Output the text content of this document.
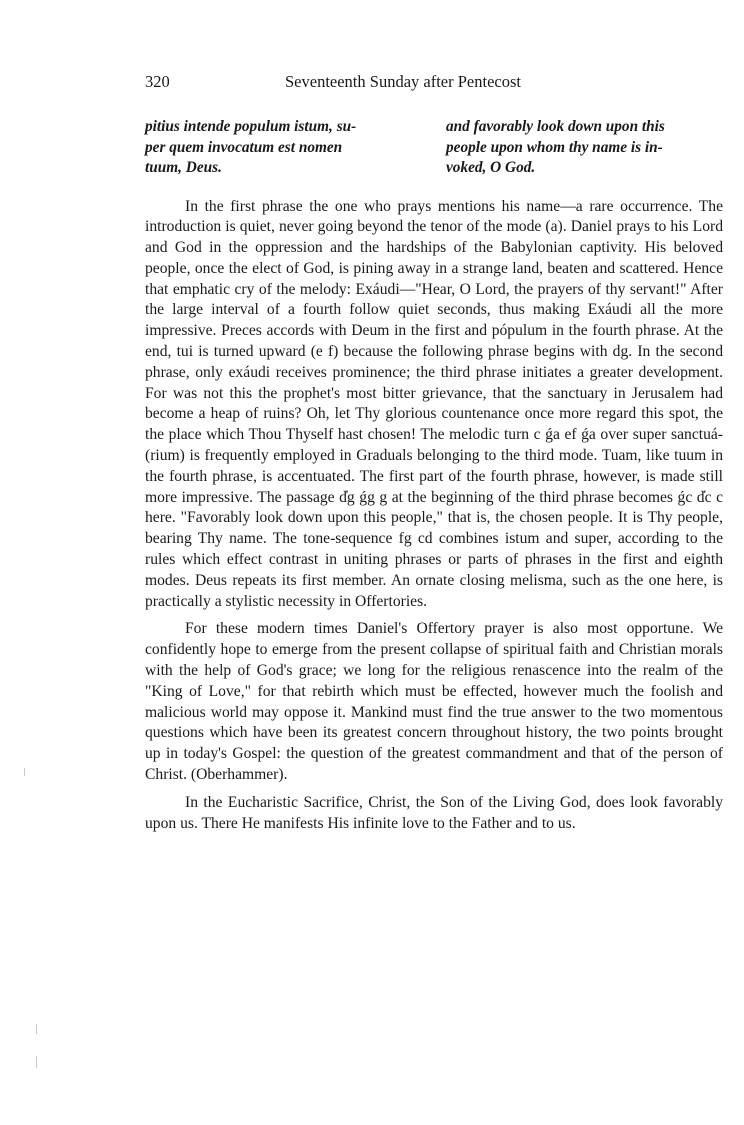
320	Seventeenth Sunday after Pentecost
pitius intende populum istum, su-
per quem invocatum est nomen
tuum, Deus.
and favorably look down upon this
people upon whom thy name is in-
voked, O God.

In the first phrase the one who prays mentions his name—a rare occurrence. The introduction is quiet, never going beyond the tenor of the mode (a). Daniel prays to his Lord and God in the oppression and the hardships of the Babylonian captivity. His beloved people, once the elect of God, is pining away in a strange land, beaten and scattered. Hence that emphatic cry of the melody: Exáudi—"Hear, O Lord, the prayers of thy servant!" After the large interval of a fourth follow quiet seconds, thus making Exáudi all the more impressive. Preces accords with Deum in the first and pópulum in the fourth phrase. At the end, tui is turned upward (e f) because the following phrase begins with dg. In the second phrase, only exáudi receives prominence; the third phrase initiates a greater development. For was not this the prophet's most bitter grievance, that the sanctuary in Jerusalem had become a heap of ruins? Oh, let Thy glorious countenance once more regard this spot, the the place which Thou Thyself hast chosen! The melodic turn c ǵa ef ǵa over super sanctuá-(rium) is frequently employed in Graduals belonging to the third mode. Tuam, like tuum in the fourth phrase, is accentuated. The first part of the fourth phrase, however, is made still more impressive. The passage d̓g ǵg g at the beginning of the third phrase becomes ǵc d̓c c here. "Favorably look down upon this people," that is, the chosen people. It is Thy people, bearing Thy name. The tone-sequence fg cd combines istum and super, according to the rules which effect contrast in uniting phrases or parts of phrases in the first and eighth modes. Deus repeats its first member. An ornate closing melisma, such as the one here, is practically a stylistic necessity in Offertories.

For these modern times Daniel's Offertory prayer is also most opportune. We confidently hope to emerge from the present collapse of spiritual faith and Christian morals with the help of God's grace; we long for the religious renascence into the realm of the "King of Love," for that rebirth which must be effected, however much the foolish and malicious world may oppose it. Mankind must find the true answer to the two momentous questions which have been its greatest concern throughout history, the two points brought up in today's Gospel: the question of the greatest commandment and that of the person of Christ. (Oberhammer).

In the Eucharistic Sacrifice, Christ, the Son of the Living God, does look favorably upon us. There He manifests His infinite love to the Father and to us.
